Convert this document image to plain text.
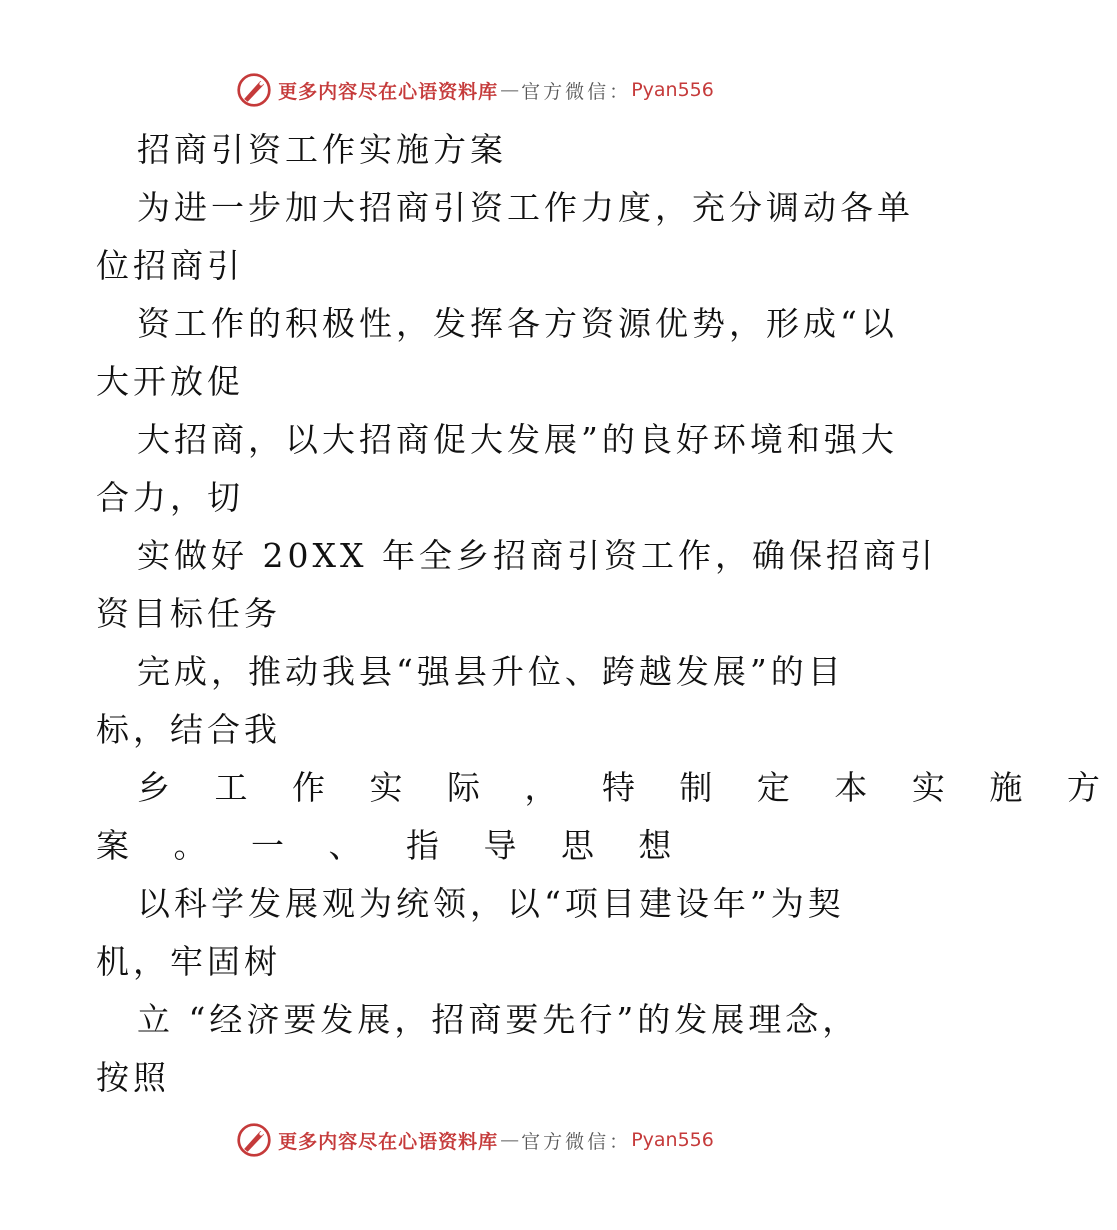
更多内容尽在心语资料库 — 官方微信： Pyan556
招商引资工作实施方案
为进一步加大招商引资工作力度，充分调动各单
位招商引
资工作的积极性，发挥各方资源优势，形成“以
大开放促
大招商，以大招商促大发展”的良好环境和强大
合力，切
实做好 20XX 年全乡招商引资工作，确保招商引
资目标任务
完成，推动我县“强县升位、跨越发展”的目
标，结合我
乡 工 作 实 际 ， 特 制 定 本 实 施 方
案 。 一 、 指 导 思 想
以科学发展观为统领，以“项目建设年”为契
机，牢固树
立 “经济要发展，招商要先行”的发展理念，
按照
更多内容尽在心语资料库 — 官方微信： Pyan556
